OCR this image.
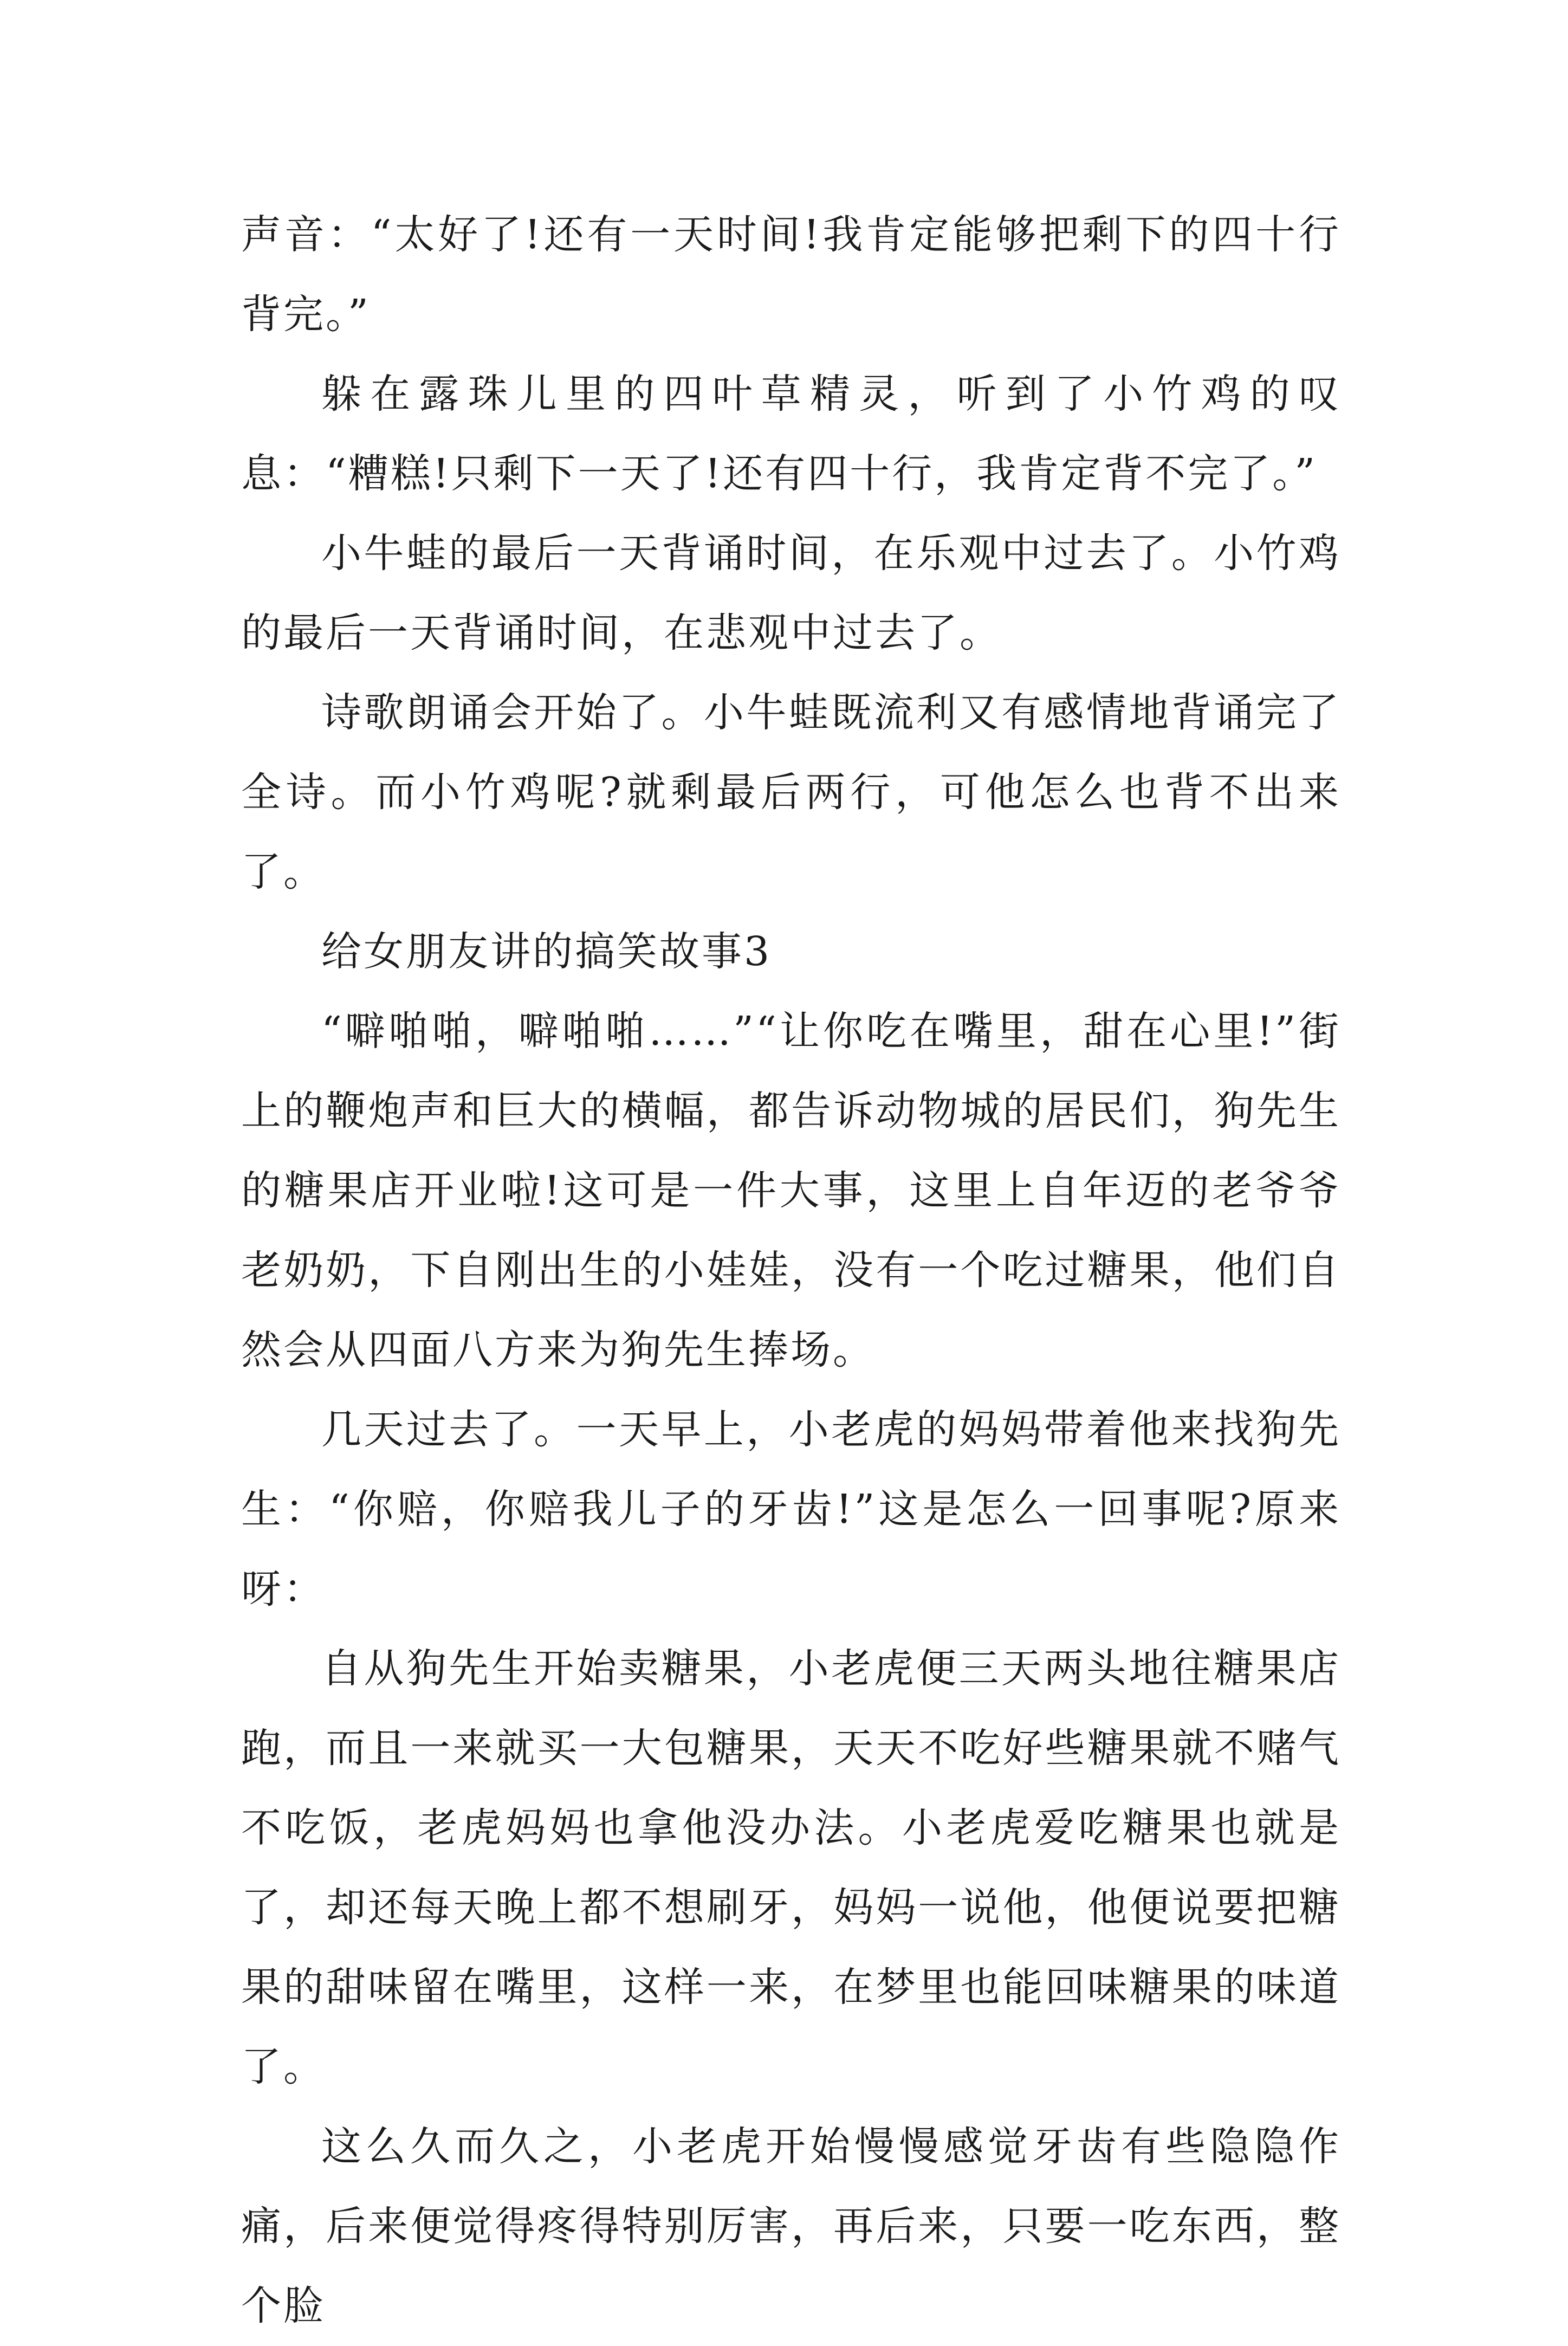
声音：“太好了!还有一天时间!我肯定能够把剩下的四十行背完。”

躲在露珠儿里的四叶草精灵，听到了小竹鸡的叹息：“糟糕!只剩下一天了!还有四十行，我肯定背不完了。”

小牛蛙的最后一天背诵时间，在乐观中过去了。小竹鸡的最后一天背诵时间，在悲观中过去了。

诗歌朗诵会开始了。小牛蛙既流利又有感情地背诵完了全诗。而小竹鸡呢?就剩最后两行，可他怎么也背不出来了。

给女朋友讲的搞笑故事3

“噼啪啪，噼啪啪……”“让你吃在嘴里，甜在心里!”街上的鞭炮声和巨大的横幅，都告诉动物城的居民们，狗先生的糖果店开业啦!这可是一件大事，这里上自年迈的老爷爷老奶奶，下自刚出生的小娃娃，没有一个吃过糖果，他们自然会从四面八方来为狗先生捧场。

几天过去了。一天早上，小老虎的妈妈带着他来找狗先生：“你赔，你赔我儿子的牙齿!”这是怎么一回事呢?原来呀：

自从狗先生开始卖糖果，小老虎便三天两头地往糖果店跑，而且一来就买一大包糖果，天天不吃好些糖果就不赌气不吃饭，老虎妈妈也拿他没办法。小老虎爱吃糖果也就是了，却还每天晚上都不想刷牙，妈妈一说他，他便说要把糖果的甜味留在嘴里，这样一来，在梦里也能回味糖果的味道了。

这么久而久之，小老虎开始慢慢感觉牙齿有些隐隐作痛，后来便觉得疼得特别厉害，再后来，只要一吃东西，整个脸
